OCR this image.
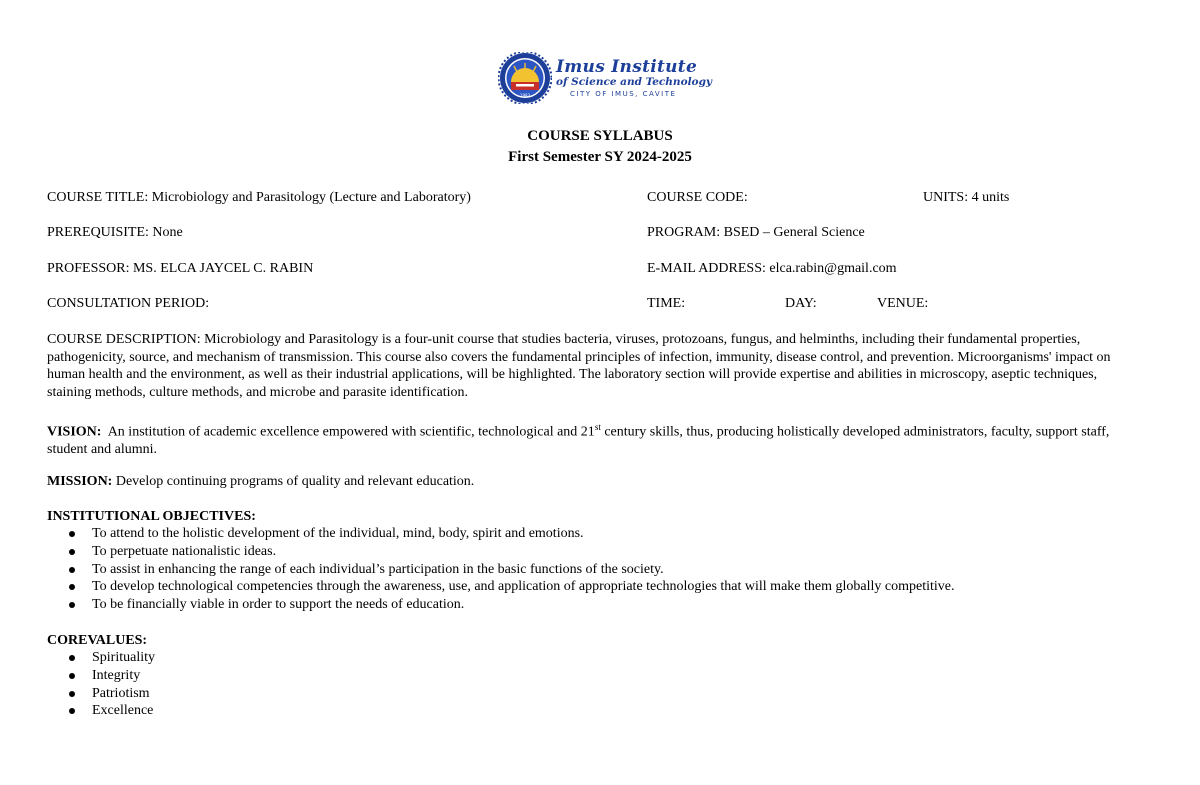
1983
Imus Institute
of Science and Technology
CITY OF IMUS, CAVITE
COURSE SYLLABUS
First Semester SY 2024-2025
COURSE TITLE: Microbiology and Parasitology (Lecture and Laboratory)	COURSE CODE:	UNITS: 4 units
PREREQUISITE: None	PROGRAM: BSED – General Science
PROFESSOR: MS. ELCA JAYCEL C. RABIN	E-MAIL ADDRESS: elca.rabin@gmail.com
CONSULTATION PERIOD:	TIME:	DAY:	VENUE:
COURSE DESCRIPTION: Microbiology and Parasitology is a four-unit course that studies bacteria, viruses, protozoans, fungus, and helminths, including their fundamental properties, pathogenicity, source, and mechanism of transmission. This course also covers the fundamental principles of infection, immunity, disease control, and prevention. Microorganisms' impact on human health and the environment, as well as their industrial applications, will be highlighted. The laboratory section will provide expertise and abilities in microscopy, aseptic techniques, staining methods, culture methods, and microbe and parasite identification.
VISION:  An institution of academic excellence empowered with scientific, technological and 21st century skills, thus, producing holistically developed administrators, faculty, support staff, student and alumni.
MISSION: Develop continuing programs of quality and relevant education.
INSTITUTIONAL OBJECTIVES:
To attend to the holistic development of the individual, mind, body, spirit and emotions.
To perpetuate nationalistic ideas.
To assist in enhancing the range of each individual’s participation in the basic functions of the society.
To develop technological competencies through the awareness, use, and application of appropriate technologies that will make them globally competitive.
To be financially viable in order to support the needs of education.
COREVALUES:
Spirituality
Integrity
Patriotism
Excellence
